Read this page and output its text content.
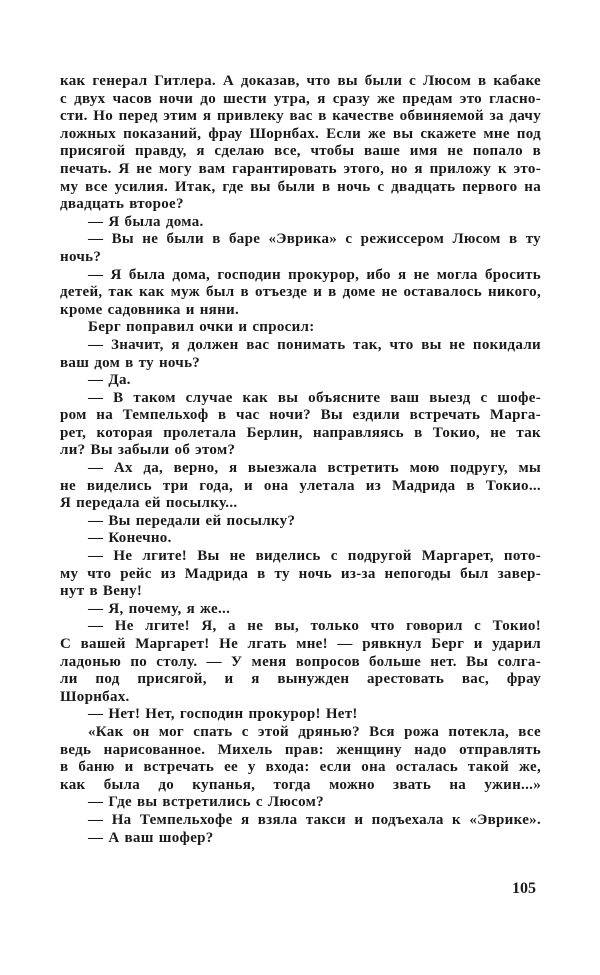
как генерал Гитлера. А доказав, что вы были с Люсом в кабаке
с двух часов ночи до шести утра, я сразу же предам это гласно-
сти. Но перед этим я привлеку вас в качестве обвиняемой за дачу
ложных показаний, фрау Шорнбах. Если же вы скажете мне под
присягой правду, я сделаю все, чтобы ваше имя не попало в
печать. Я не могу вам гарантировать этого, но я приложу к это-
му все усилия. Итак, где вы были в ночь с двадцать первого на
двадцать второе?
— Я была дома.
— Вы не были в баре «Эврика» с режиссером Люсом в ту
ночь?
— Я была дома, господин прокурор, ибо я не могла бросить
детей, так как муж был в отъезде и в доме не оставалось никого,
кроме садовника и няни.
Берг поправил очки и спросил:
— Значит, я должен вас понимать так, что вы не покидали
ваш дом в ту ночь?
— Да.
— В таком случае как вы объясните ваш выезд с шофе-
ром на Темпельхоф в час ночи? Вы ездили встречать Марга-
рет, которая пролетала Берлин, направляясь в Токио, не так
ли? Вы забыли об этом?
— Ах да, верно, я выезжала встретить мою подругу, мы
не виделись три года, и она улетала из Мадрида в Токио...
Я передала ей посылку...
— Вы передали ей посылку?
— Конечно.
— Не лгите! Вы не виделись с подругой Маргарет, пото-
му что рейс из Мадрида в ту ночь из-за непогоды был завер-
нут в Вену!
— Я, почему, я же...
— Не лгите! Я, а не вы, только что говорил с Токио!
С вашей Маргарет! Не лгать мне! — рявкнул Берг и ударил
ладонью по столу. — У меня вопросов больше нет. Вы солга-
ли под присягой, и я вынужден арестовать вас, фрау
Шорнбах.
— Нет! Нет, господин прокурор! Нет!
«Как он мог спать с этой дрянью? Вся рожа потекла, все
ведь нарисованное. Михель прав: женщину надо отправлять
в баню и встречать ее у входа: если она осталась такой же,
как была до купанья, тогда можно звать на ужин...»
— Где вы встретились с Люсом?
— На Темпельхофе я взяла такси и подъехала к «Эврике».
— А ваш шофер?
105
